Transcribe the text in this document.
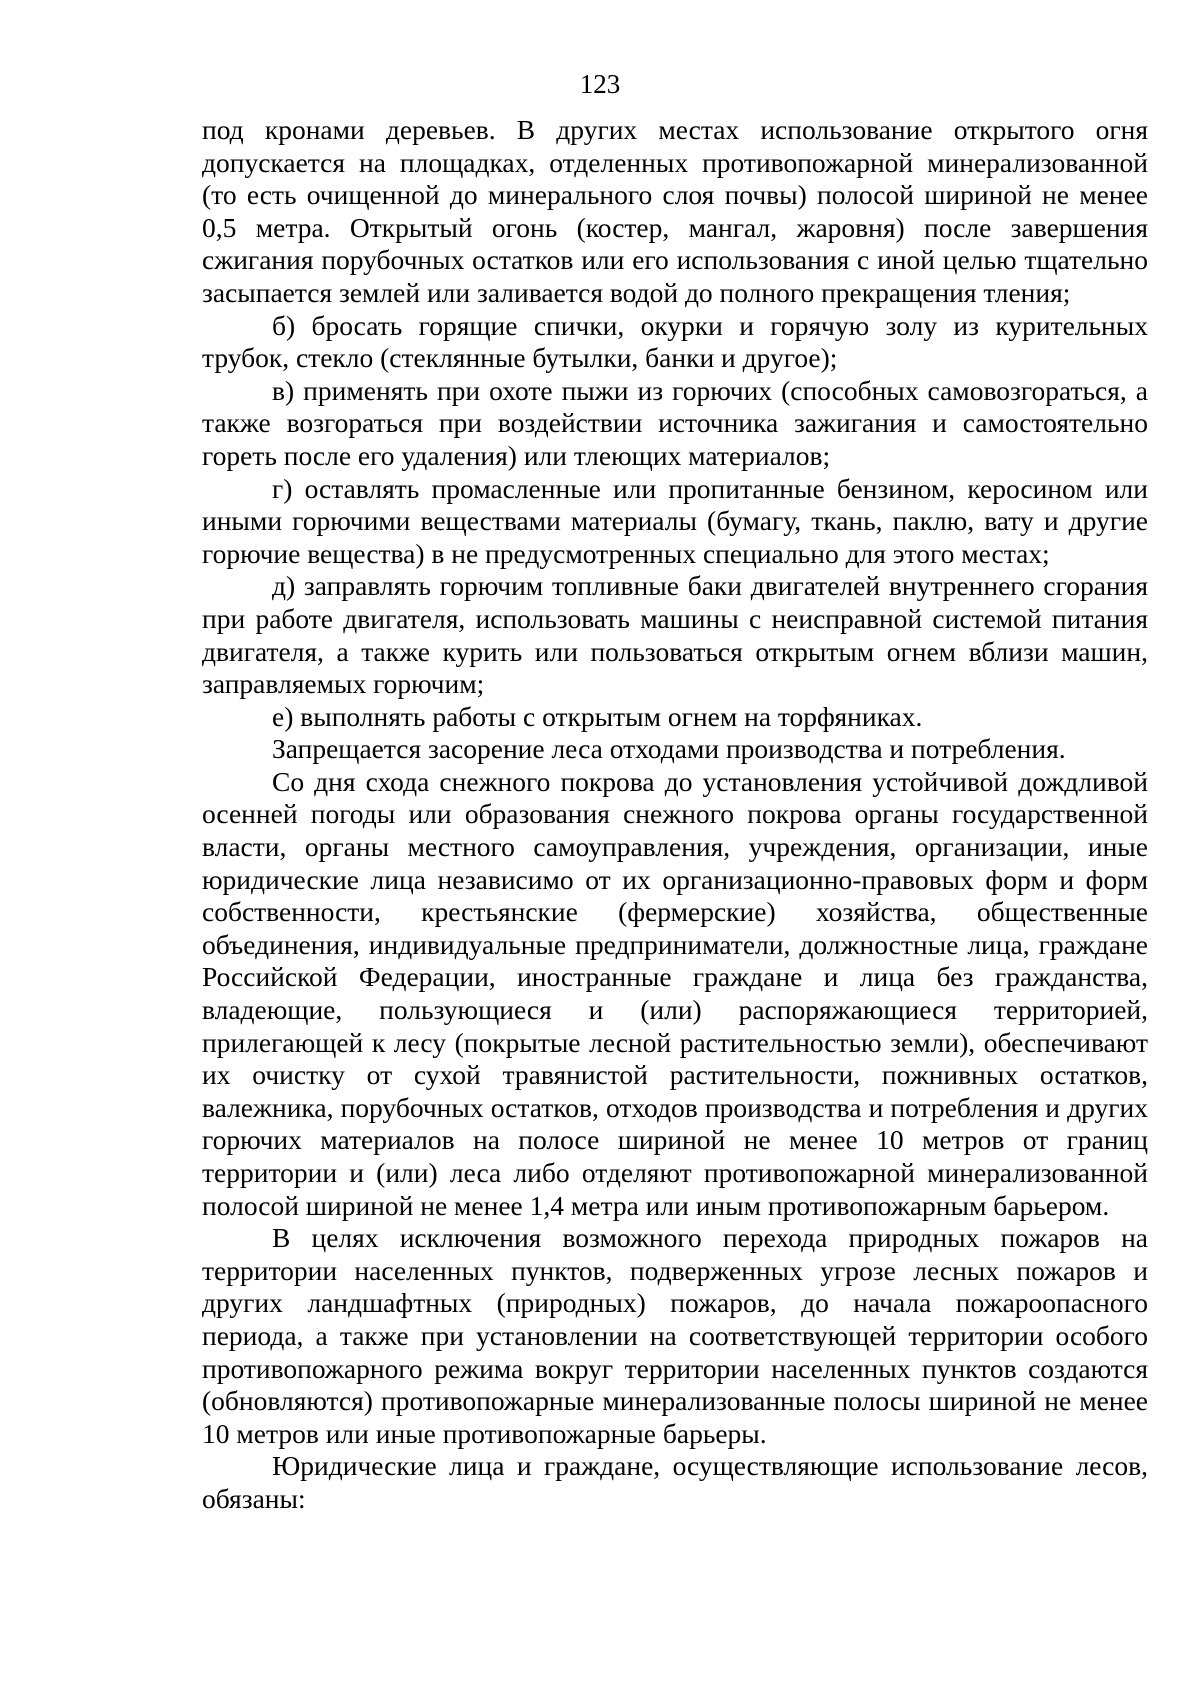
123

под кронами деревьев. В других местах использование открытого огня допускается на площадках, отделенных противопожарной минерализованной (то есть очищенной до минерального слоя почвы) полосой шириной не менее 0,5 метра. Открытый огонь (костер, мангал, жаровня) после завершения сжигания порубочных остатков или его использования с иной целью тщательно засыпается землей или заливается водой до полного прекращения тления;

б) бросать горящие спички, окурки и горячую золу из курительных трубок, стекло (стеклянные бутылки, банки и другое);

в) применять при охоте пыжи из горючих (способных самовозгораться, а также возгораться при воздействии источника зажигания и самостоятельно гореть после его удаления) или тлеющих материалов;

г) оставлять промасленные или пропитанные бензином, керосином или иными горючими веществами материалы (бумагу, ткань, паклю, вату и другие горючие вещества) в не предусмотренных специально для этого местах;

д) заправлять горючим топливные баки двигателей внутреннего сгорания при работе двигателя, использовать машины с неисправной системой питания двигателя, а также курить или пользоваться открытым огнем вблизи машин, заправляемых горючим;

е) выполнять работы с открытым огнем на торфяниках.

Запрещается засорение леса отходами производства и потребления.

Со дня схода снежного покрова до установления устойчивой дождливой осенней погоды или образования снежного покрова органы государственной власти, органы местного самоуправления, учреждения, организации, иные юридические лица независимо от их организационно-правовых форм и форм собственности, крестьянские (фермерские) хозяйства, общественные объединения, индивидуальные предприниматели, должностные лица, граждане Российской Федерации, иностранные граждане и лица без гражданства, владеющие, пользующиеся и (или) распоряжающиеся территорией, прилегающей к лесу (покрытые лесной растительностью земли), обеспечивают их очистку от сухой травянистой растительности, пожнивных остатков, валежника, порубочных остатков, отходов производства и потребления и других горючих материалов на полосе шириной не менее 10 метров от границ территории и (или) леса либо отделяют противопожарной минерализованной полосой шириной не менее 1,4 метра или иным противопожарным барьером.

В целях исключения возможного перехода природных пожаров на территории населенных пунктов, подверженных угрозе лесных пожаров и других ландшафтных (природных) пожаров, до начала пожароопасного периода, а также при установлении на соответствующей территории особого противопожарного режима вокруг территории населенных пунктов создаются (обновляются) противопожарные минерализованные полосы шириной не менее 10 метров или иные противопожарные барьеры.

Юридические лица и граждане, осуществляющие использование лесов, обязаны:
